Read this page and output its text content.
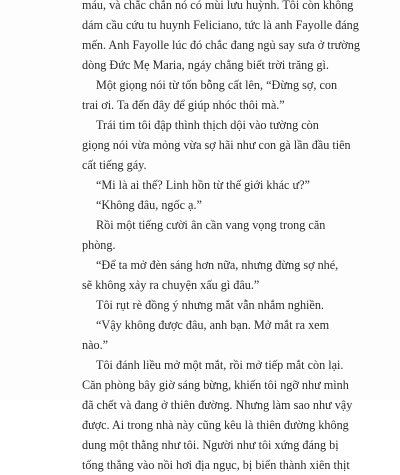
máu, và chắc chắn nó có mùi lưu huỳnh. Tôi còn không
dám cầu cứu tu huynh Feliciano, tức là anh Fayolle đáng
mến. Anh Fayolle lúc đó chắc đang ngủ say sưa ở trường
dòng Đức Mẹ Maria, ngáy chẳng biết trời trăng gì.
Một giọng nói từ tốn bỗng cất lên, “Đừng sợ, con
trai ơi. Ta đến đây để giúp nhóc thôi mà.”
Trái tim tôi đập thình thịch dội vào tường còn
giọng nói vừa mỏng vừa sợ hãi như con gà lần đầu tiên
cất tiếng gáy.
“Mi là ai thế? Linh hồn từ thế giới khác ư?”
“Không đâu, ngốc ạ.”
Rồi một tiếng cười ân cần vang vọng trong căn
phòng.
“Để ta mở đèn sáng hơn nữa, nhưng đừng sợ nhé,
sẽ không xảy ra chuyện xấu gì đâu.”
Tôi rụt rè đồng ý nhưng mắt vẫn nhắm nghiền.
“Vậy không được đâu, anh bạn. Mở mắt ra xem
nào.”
Tôi đánh liều mở một mắt, rồi mở tiếp mắt còn lại.
Căn phòng bây giờ sáng bừng, khiến tôi ngỡ như mình
đã chết và đang ở thiên đường. Nhưng làm sao như vậy
được. Ai trong nhà này cũng kêu là thiên đường không
dung một thằng như tôi. Người như tôi xứng đáng bị
tống thẳng vào nồi hơi địa ngục, bị biến thành xiên thịt
